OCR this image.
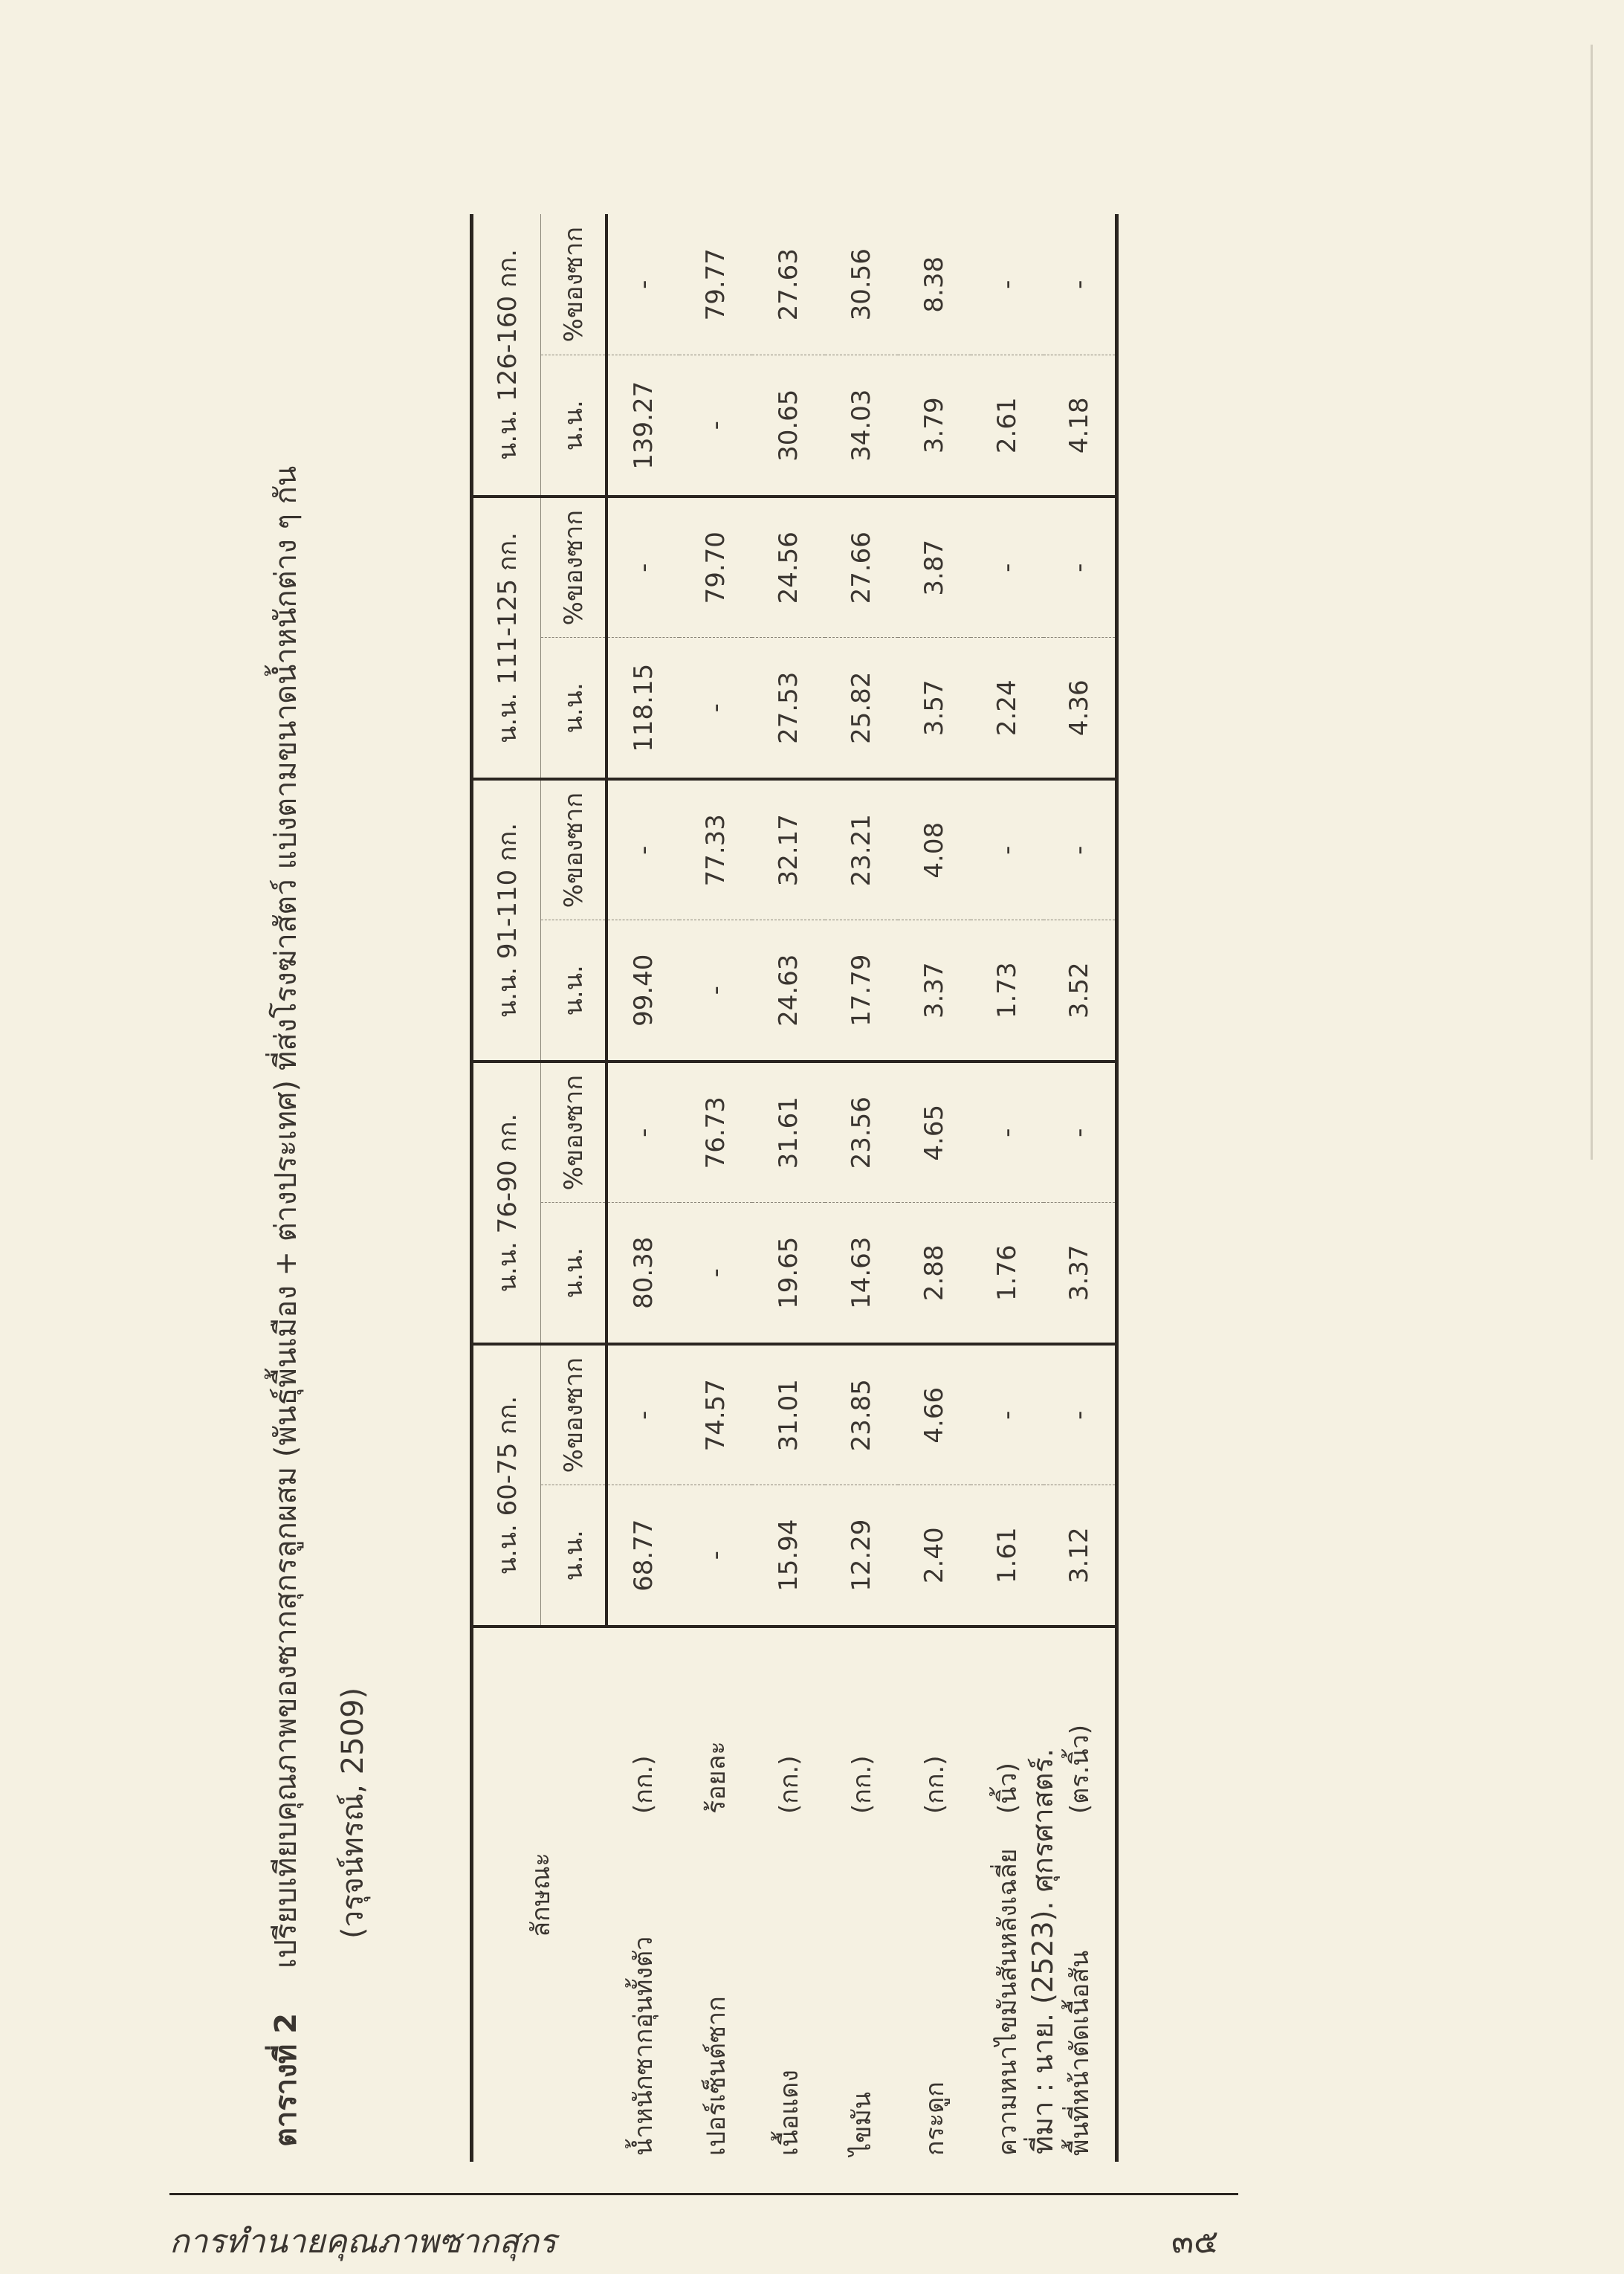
ตารางที่ 2
เปรียบเทียบคุณภาพของซากสุกรลูกผสม (พันธุ์พื้นเมือง + ต่างประเทศ) ที่ส่งโรงฆ่าสัตว์ แบ่งตามขนาดน้ำหนักต่าง ๆ กัน (วรุจน์ทรณ์, 2509)	ลักษณะ	น.น. 60-75 กก.		น.น. 76-90 กก.		น.น. 91-110 กก.		น.น. 111-125 กก.		น.น. 126-160 กก.	
	น.น.	%ของซาก	น.น.	%ของซาก	น.น.	%ของซาก	น.น.	%ของซาก	น.น.	%ของซาก
น้ำหนักซากอุ่นทั้งตัว(กก.)	68.77	-	80.38	-	99.40	-	118.15	-	139.27	-
เปอร์เซ็นต์ซากร้อยละ	-	74.57	-	76.73	-	77.33	-	79.70	-	79.77
เนื้อแดง(กก.)	15.94	31.01	19.65	31.61	24.63	32.17	27.53	24.56	30.65	27.63
ไขมัน(กก.)	12.29	23.85	14.63	23.56	17.79	23.21	25.82	27.66	34.03	30.56
กระดูก(กก.)	2.40	4.66	2.88	4.65	3.37	4.08	3.57	3.87	3.79	8.38
ความหนาไขมันสันหลังเฉลี่ย(นิ้ว)	1.61	-	1.76	-	1.73	-	2.24	-	2.61	-
พื้นที่หน้าตัดเนื้อสัน(ตร.นิ้ว)	3.12	-	3.37	-	3.52	-	4.36	-	4.18	-
ที่มา : นาย. (2523). ศุกรศาสตร์.
การทำนายคุณภาพซากสุกร	๓๕
